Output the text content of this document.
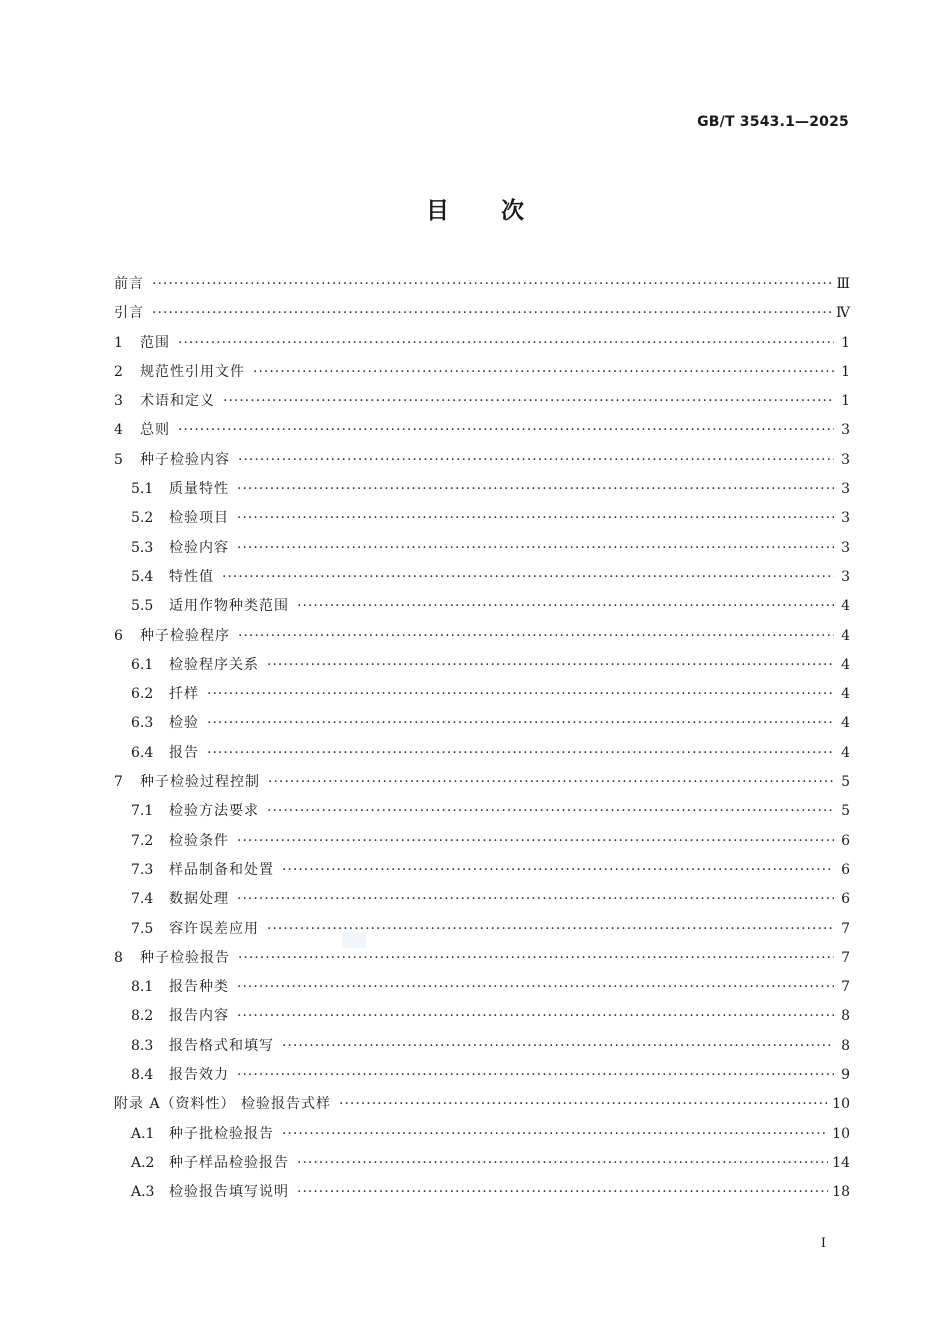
GB/T 3543.1—2025
目 次
前言 ·····	Ⅲ
引言 ·····	Ⅳ
1	范围 ·····	1
2	规范性引用文件 ·····	1
3	术语和定义 ·····	1
4	总则 ·····	3
5	种子检验内容 ·····	3
5.1	质量特性 ·····	3
5.2	检验项目 ·····	3
5.3	检验内容 ·····	3
5.4	特性值 ·····	3
5.5	适用作物种类范围 ·····	4
6	种子检验程序 ·····	4
6.1	检验程序关系 ·····	4
6.2	扦样 ·····	4
6.3	检验 ·····	4
6.4	报告 ·····	4
7	种子检验过程控制 ·····	5
7.1	检验方法要求 ·····	5
7.2	检验条件 ·····	6
7.3	样品制备和处置 ·····	6
7.4	数据处理 ·····	6
7.5	容许误差应用 ·····	7
8	种子检验报告 ·····	7
8.1	报告种类 ·····	7
8.2	报告内容 ·····	8
8.3	报告格式和填写 ·····	8
8.4	报告效力 ·····	9
附录 A（资料性） 检验报告式样 ·····	10
A.1	种子批检验报告 ·····	10
A.2	种子样品检验报告 ·····	14
A.3	检验报告填写说明 ·····	18
I
